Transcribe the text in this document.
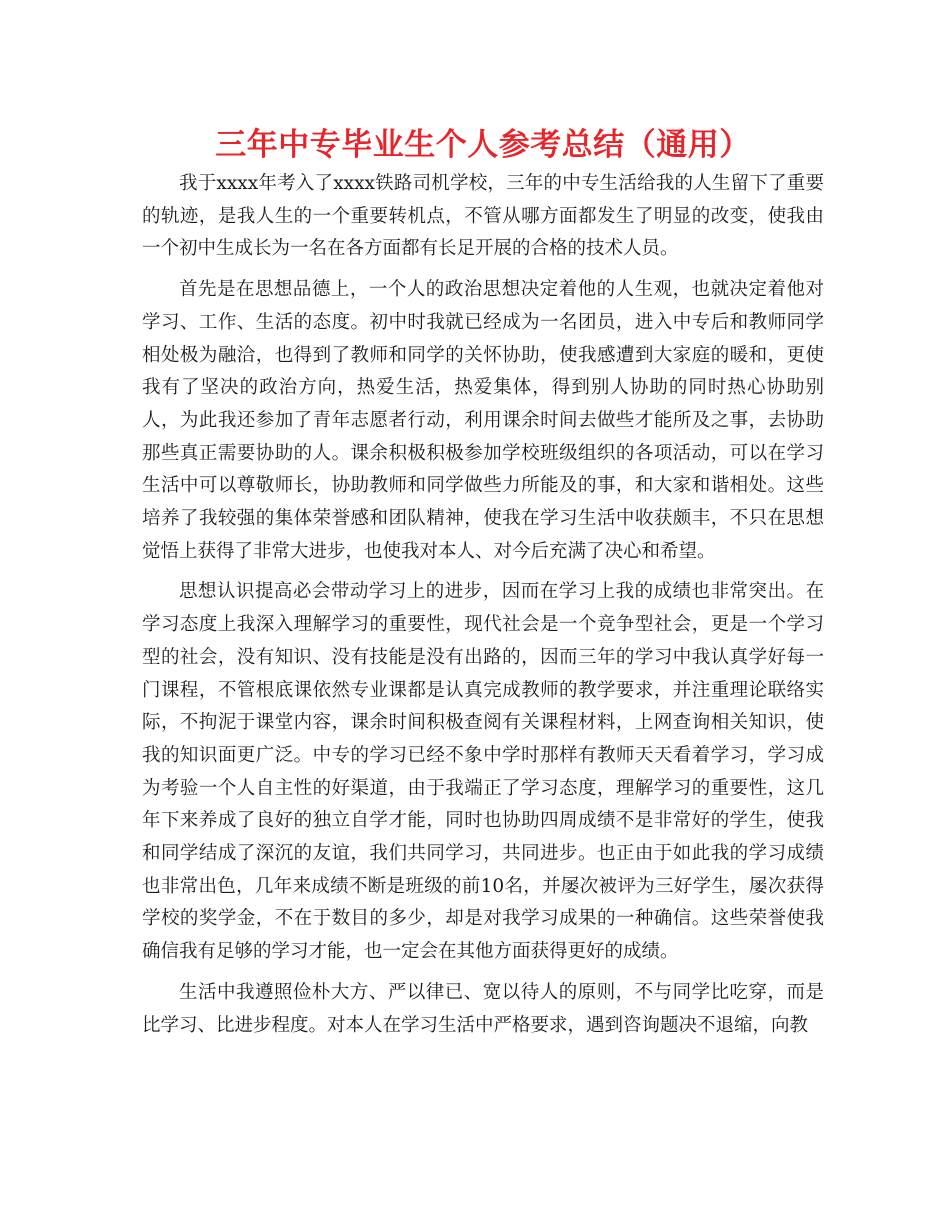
三年中专毕业生个人参考总结（通用）

我于xxxx年考入了xxxx铁路司机学校，三年的中专生活给我的人生留下了重要的轨迹，是我人生的一个重要转机点，不管从哪方面都发生了明显的改变，使我由一个初中生成长为一名在各方面都有长足开展的合格的技术人员。

首先是在思想品德上，一个人的政治思想决定着他的人生观，也就决定着他对学习、工作、生活的态度。初中时我就已经成为一名团员，进入中专后和教师同学相处极为融洽，也得到了教师和同学的关怀协助，使我感遭到大家庭的暖和，更使我有了坚决的政治方向，热爱生活，热爱集体，得到别人协助的同时热心协助别人，为此我还参加了青年志愿者行动，利用课余时间去做些才能所及之事，去协助那些真正需要协助的人。课余积极积极参加学校班级组织的各项活动，可以在学习生活中可以尊敬师长，协助教师和同学做些力所能及的事，和大家和谐相处。这些培养了我较强的集体荣誉感和团队精神，使我在学习生活中收获颇丰，不只在思想觉悟上获得了非常大进步，也使我对本人、对今后充满了决心和希望。

思想认识提高必会带动学习上的进步，因而在学习上我的成绩也非常突出。在学习态度上我深入理解学习的重要性，现代社会是一个竞争型社会，更是一个学习型的社会，没有知识、没有技能是没有出路的，因而三年的学习中我认真学好每一门课程，不管根底课依然专业课都是认真完成教师的教学要求，并注重理论联络实际，不拘泥于课堂内容，课余时间积极查阅有关课程材料，上网查询相关知识，使我的知识面更广泛。中专的学习已经不象中学时那样有教师天天看着学习，学习成为考验一个人自主性的好渠道，由于我端正了学习态度，理解学习的重要性，这几年下来养成了良好的独立自学才能，同时也协助四周成绩不是非常好的学生，使我和同学结成了深沉的友谊，我们共同学习，共同进步。也正由于如此我的学习成绩也非常出色，几年来成绩不断是班级的前10名，并屡次被评为三好学生，屡次获得学校的奖学金，不在于数目的多少，却是对我学习成果的一种确信。这些荣誉使我确信我有足够的学习才能，也一定会在其他方面获得更好的成绩。

生活中我遵照俭朴大方、严以律已、宽以待人的原则，不与同学比吃穿，而是比学习、比进步程度。对本人在学习生活中严格要求，遇到咨询题决不退缩，向教
